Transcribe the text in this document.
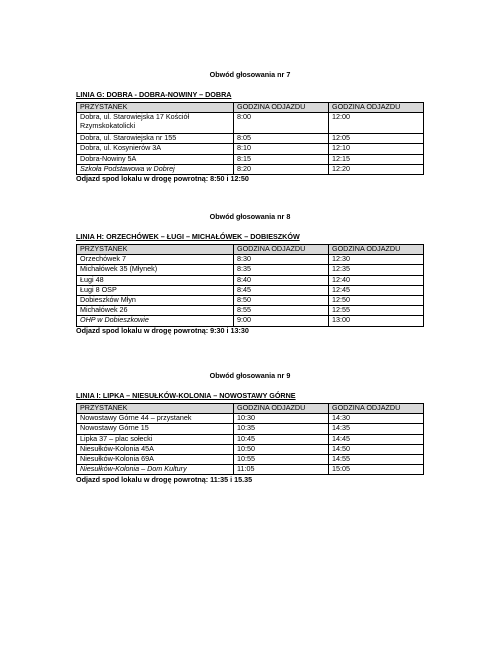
Obwód głosowania nr 7
LINIA G: DOBRA - DOBRA-NOWINY – DOBRA
PRZYSTANEK	GODZINA ODJAZDU	GODZINA ODJAZDU
Dobra, ul. Starowiejska 17 Kościół Rzymskokatolicki	8:00	12:00
Dobra, ul. Starowiejska nr 155	8:05	12:05
Dobra, ul. Kosynierów 3A	8:10	12:10
Dobra-Nowiny 5A	8:15	12:15
Szkoła Podstawowa w Dobrej	8:20	12:20
Odjazd spod lokalu w drogę powrotną: 8:50 i 12:50
Obwód głosowania nr 8
LINIA H: ORZECHÓWEK – ŁUGI – MICHAŁÓWEK – DOBIESZKÓW
PRZYSTANEK	GODZINA ODJAZDU	GODZINA ODJAZDU
Orzechówek 7	8:30	12:30
Michałówek 35 (Młynek)	8:35	12:35
Ługi 48	8:40	12:40
Ługi 8 OSP	8:45	12:45
Dobieszków Młyn	8:50	12:50
Michałówek 26	8:55	12:55
OHP w Dobieszkowie	9:00	13:00
Odjazd spod lokalu w drogę powrotną: 9:30 i 13:30
Obwód głosowania nr 9
LINIA I: LIPKA – NIESUŁKÓW-KOLONIA – NOWOSTAWY GÓRNE
PRZYSTANEK	GODZINA ODJAZDU	GODZINA ODJAZDU
Nowostawy Górne 44 – przystanek	10:30	14:30
Nowostawy Górne 15	10:35	14:35
Lipka 37 – plac sołecki	10:45	14:45
Niesułków-Kolonia 45A	10:50	14:50
Niesułków-Kolonia 69A	10:55	14:55
Niesułków-Kolonia – Dom Kultury	11:05	15:05
Odjazd spod lokalu w drogę powrotną: 11:35 i 15.35
